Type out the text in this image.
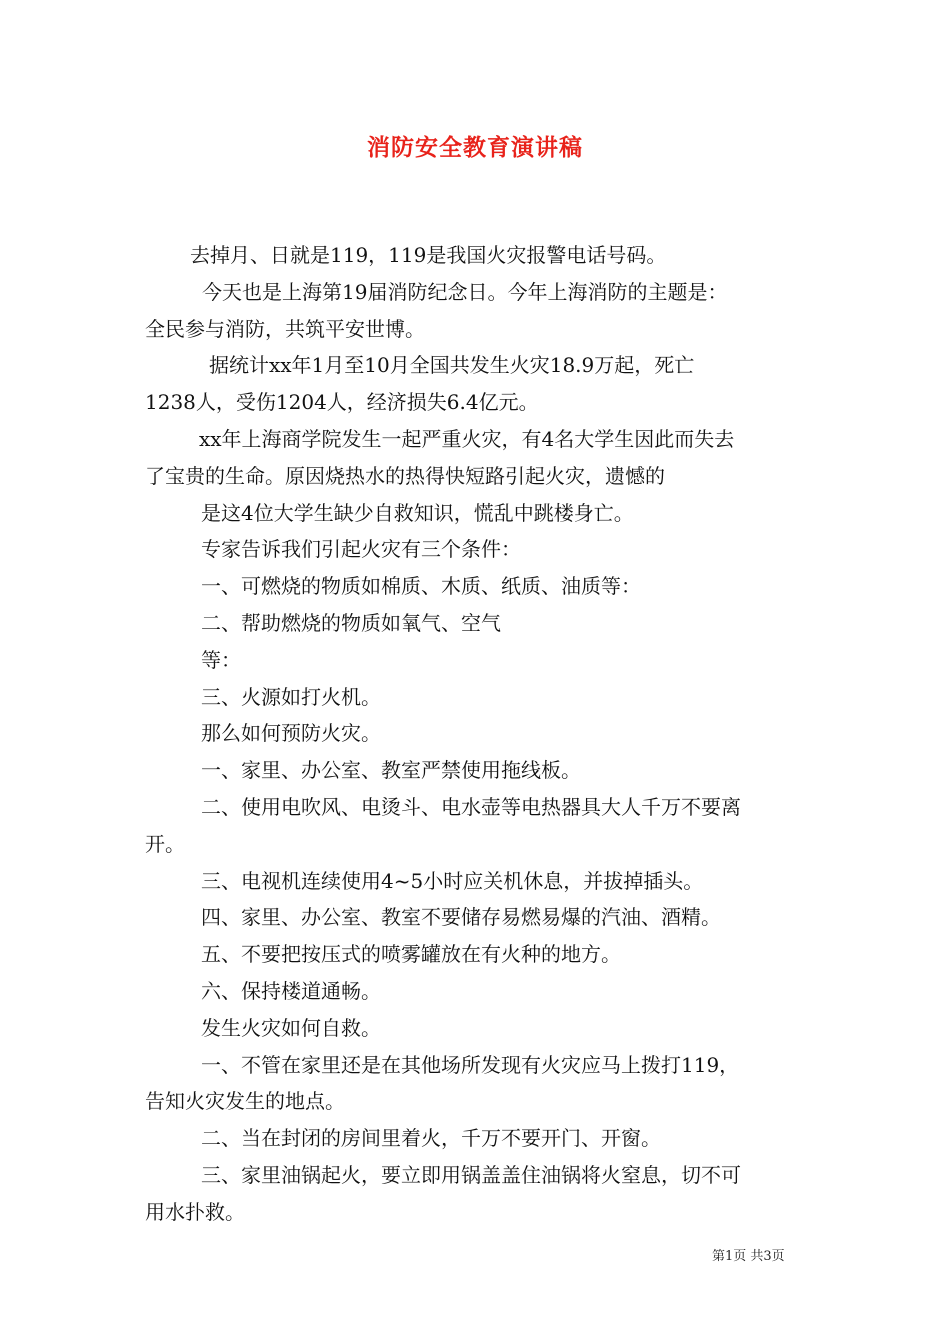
消防安全教育演讲稿
去掉月、日就是119，119是我国火灾报警电话号码。
今天也是上海第19届消防纪念日。今年上海消防的主题是：
全民参与消防，共筑平安世博。
据统计xx年1月至10月全国共发生火灾18.9万起，死亡
1238人，受伤1204人，经济损失6.4亿元。
xx年上海商学院发生一起严重火灾，有4名大学生因此而失去
了宝贵的生命。原因烧热水的热得快短路引起火灾，遗憾的
是这4位大学生缺少自救知识，慌乱中跳楼身亡。
专家告诉我们引起火灾有三个条件：
一、可燃烧的物质如棉质、木质、纸质、油质等：
二、帮助燃烧的物质如氧气、空气
等：
三、火源如打火机。
那么如何预防火灾。
一、家里、办公室、教室严禁使用拖线板。
二、使用电吹风、电烫斗、电水壶等电热器具大人千万不要离
开。
三、电视机连续使用4~5小时应关机休息，并拔掉插头。
四、家里、办公室、教室不要储存易燃易爆的汽油、酒精。
五、不要把按压式的喷雾罐放在有火种的地方。
六、保持楼道通畅。
发生火灾如何自救。
一、不管在家里还是在其他场所发现有火灾应马上拨打119，
告知火灾发生的地点。
二、当在封闭的房间里着火，千万不要开门、开窗。
三、家里油锅起火，要立即用锅盖盖住油锅将火窒息，切不可
用水扑救。
第1页 共3页
